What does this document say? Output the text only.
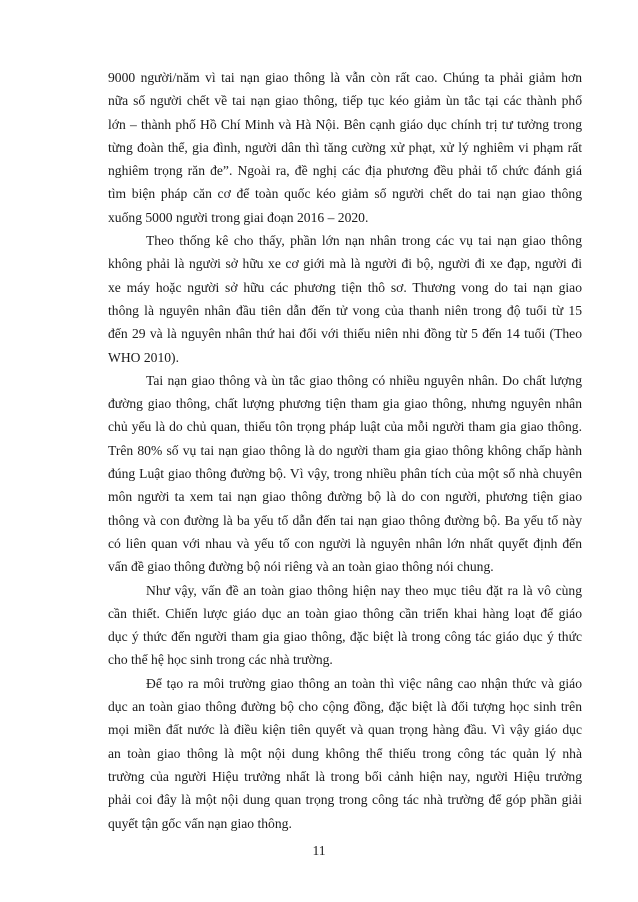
9000 người/năm vì tai nạn giao thông là vẫn còn rất cao. Chúng ta phải giảm hơn
nữa số người chết về tai nạn giao thông, tiếp tục kéo giảm ùn tắc tại các thành phố
lớn – thành phố Hồ Chí Minh và Hà Nội. Bên cạnh giáo dục chính trị tư tưởng trong
từng đoàn thể, gia đình, người dân thì tăng cường xử phạt, xử lý nghiêm vi phạm rất
nghiêm trọng răn đe”. Ngoài ra, đề nghị các địa phương đều phải tổ chức đánh giá
tìm biện pháp căn cơ để toàn quốc kéo giảm số người chết do tai nạn giao thông
xuống 5000 người trong giai đoạn 2016 – 2020.
Theo thống kê cho thấy, phần lớn nạn nhân trong các vụ tai nạn giao thông
không phải là người sở hữu xe cơ giới mà là người đi bộ, người đi xe đạp, người đi
xe máy hoặc người sở hữu các phương tiện thô sơ. Thương vong do tai nạn giao
thông là nguyên nhân đầu tiên dẫn đến tử vong của thanh niên trong độ tuổi từ 15
đến 29 và là nguyên nhân thứ hai đối với thiếu niên nhi đồng từ 5 đến 14 tuổi (Theo
WHO 2010).
Tai nạn giao thông và ùn tắc giao thông có nhiều nguyên nhân. Do chất lượng
đường giao thông, chất lượng phương tiện tham gia giao thông, nhưng nguyên nhân
chủ yếu là do chủ quan, thiếu tôn trọng pháp luật của mỗi người tham gia giao thông.
Trên 80% số vụ tai nạn giao thông là do người tham gia giao thông không chấp hành
đúng Luật giao thông đường bộ. Vì vậy, trong nhiều phân tích của một số nhà chuyên
môn người ta xem tai nạn giao thông đường bộ là do con người, phương tiện giao
thông và con đường là ba yếu tố dẫn đến tai nạn giao thông đường bộ. Ba yếu tố này
có liên quan với nhau và yếu tố con người là nguyên nhân lớn nhất quyết định đến
vấn đề giao thông đường bộ nói riêng và an toàn giao thông nói chung.
Như vậy, vấn đề an toàn giao thông hiện nay theo mục tiêu đặt ra là vô cùng
cần thiết. Chiến lược giáo dục an toàn giao thông cần triển khai hàng loạt để giáo
dục ý thức đến người tham gia giao thông, đặc biệt là trong công tác giáo dục ý thức
cho thế hệ học sinh trong các nhà trường.
Để tạo ra môi trường giao thông an toàn thì việc nâng cao nhận thức và giáo
dục an toàn giao thông đường bộ cho cộng đồng, đặc biệt là đối tượng học sinh trên
mọi miền đất nước là điều kiện tiên quyết và quan trọng hàng đầu. Vì vậy giáo dục
an toàn giao thông là một nội dung không thể thiếu trong công tác quản lý nhà
trường của người Hiệu trưởng nhất là trong bối cảnh hiện nay, người Hiệu trưởng
phải coi đây là một nội dung quan trọng trong công tác nhà trường để góp phần giải
quyết tận gốc vấn nạn giao thông.
11
